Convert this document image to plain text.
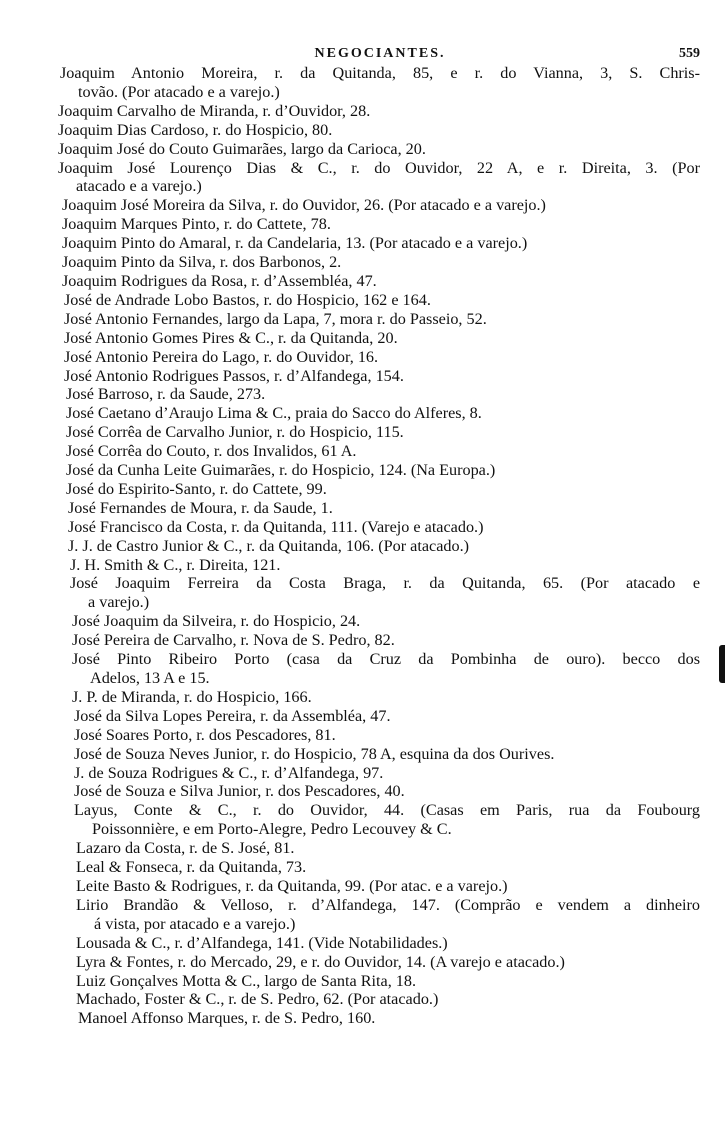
NEGOCIANTES.	559
Joaquim Antonio Moreira, r. da Quitanda, 85, e r. do Vianna, 3, S. Chris-
tovão. (Por atacado e a varejo.)
Joaquim Carvalho de Miranda, r. d’Ouvidor, 28.
Joaquim Dias Cardoso, r. do Hospicio, 80.
Joaquim José do Couto Guimarães, largo da Carioca, 20.
Joaquim José Lourenço Dias & C., r. do Ouvidor, 22 A, e r. Direita, 3. (Por
atacado e a varejo.)
Joaquim José Moreira da Silva, r. do Ouvidor, 26. (Por atacado e a varejo.)
Joaquim Marques Pinto, r. do Cattete, 78.
Joaquim Pinto do Amaral, r. da Candelaria, 13. (Por atacado e a varejo.)
Joaquim Pinto da Silva, r. dos Barbonos, 2.
Joaquim Rodrigues da Rosa, r. d’Assembléa, 47.
José de Andrade Lobo Bastos, r. do Hospicio, 162 e 164.
José Antonio Fernandes, largo da Lapa, 7, mora r. do Passeio, 52.
José Antonio Gomes Pires & C., r. da Quitanda, 20.
José Antonio Pereira do Lago, r. do Ouvidor, 16.
José Antonio Rodrigues Passos, r. d’Alfandega, 154.
José Barroso, r. da Saude, 273.
José Caetano d’Araujo Lima & C., praia do Sacco do Alferes, 8.
José Corrêa de Carvalho Junior, r. do Hospicio, 115.
José Corrêa do Couto, r. dos Invalidos, 61 A.
José da Cunha Leite Guimarães, r. do Hospicio, 124. (Na Europa.)
José do Espirito-Santo, r. do Cattete, 99.
José Fernandes de Moura, r. da Saude, 1.
José Francisco da Costa, r. da Quitanda, 111. (Varejo e atacado.)
J. J. de Castro Junior & C., r. da Quitanda, 106. (Por atacado.)
J. H. Smith & C., r. Direita, 121.
José Joaquim Ferreira da Costa Braga, r. da Quitanda, 65. (Por atacado e
a varejo.)
José Joaquim da Silveira, r. do Hospicio, 24.
José Pereira de Carvalho, r. Nova de S. Pedro, 82.
José Pinto Ribeiro Porto (casa da Cruz da Pombinha de ouro). becco dos
Adelos, 13 A e 15.
J. P. de Miranda, r. do Hospicio, 166.
José da Silva Lopes Pereira, r. da Assembléa, 47.
José Soares Porto, r. dos Pescadores, 81.
José de Souza Neves Junior, r. do Hospicio, 78 A, esquina da dos Ourives.
J. de Souza Rodrigues & C., r. d’Alfandega, 97.
José de Souza e Silva Junior, r. dos Pescadores, 40.
Layus, Conte & C., r. do Ouvidor, 44. (Casas em Paris, rua da Foubourg
Poissonnière, e em Porto-Alegre, Pedro Lecouvey & C.
Lazaro da Costa, r. de S. José, 81.
Leal & Fonseca, r. da Quitanda, 73.
Leite Basto & Rodrigues, r. da Quitanda, 99. (Por atac. e a varejo.)
Lirio Brandão & Velloso, r. d’Alfandega, 147. (Comprão e vendem a dinheiro
á vista, por atacado e a varejo.)
Lousada & C., r. d’Alfandega, 141. (Vide Notabilidades.)
Lyra & Fontes, r. do Mercado, 29, e r. do Ouvidor, 14. (A varejo e atacado.)
Luiz Gonçalves Motta & C., largo de Santa Rita, 18.
Machado, Foster & C., r. de S. Pedro, 62. (Por atacado.)
Manoel Affonso Marques, r. de S. Pedro, 160.
